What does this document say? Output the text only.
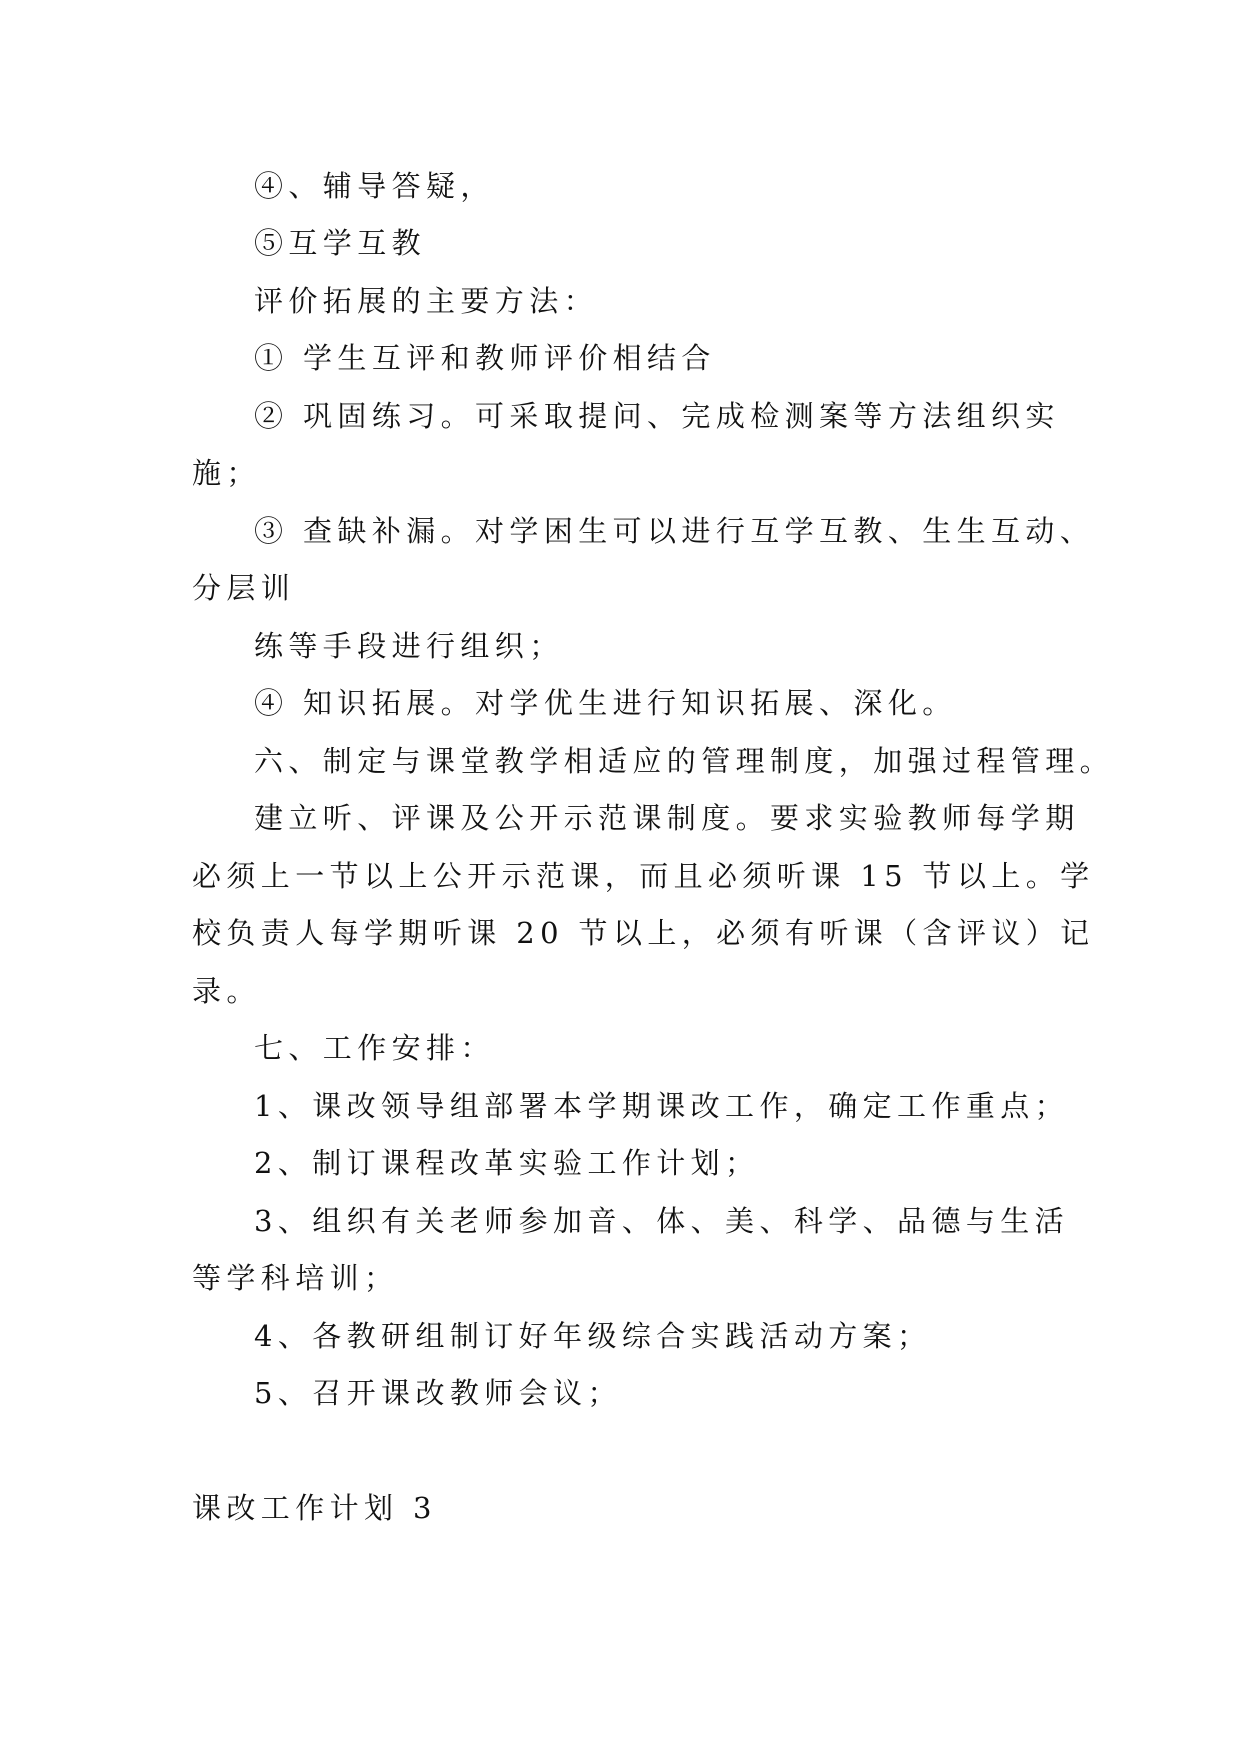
④、辅导答疑，

⑤互学互教

评价拓展的主要方法：

① 学生互评和教师评价相结合

② 巩固练习。可采取提问、完成检测案等方法组织实

施；

③ 查缺补漏。对学困生可以进行互学互教、生生互动、

分层训

练等手段进行组织；

④ 知识拓展。对学优生进行知识拓展、深化。

六、制定与课堂教学相适应的管理制度，加强过程管理。

建立听、评课及公开示范课制度。要求实验教师每学期

必须上一节以上公开示范课，而且必须听课 15 节以上。学

校负责人每学期听课 20 节以上，必须有听课（含评议）记

录。

七、工作安排：

1、课改领导组部署本学期课改工作，确定工作重点；

2、制订课程改革实验工作计划；

3、组织有关老师参加音、体、美、科学、品德与生活

等学科培训；

4、各教研组制订好年级综合实践活动方案；

5、召开课改教师会议；

课改工作计划 3
